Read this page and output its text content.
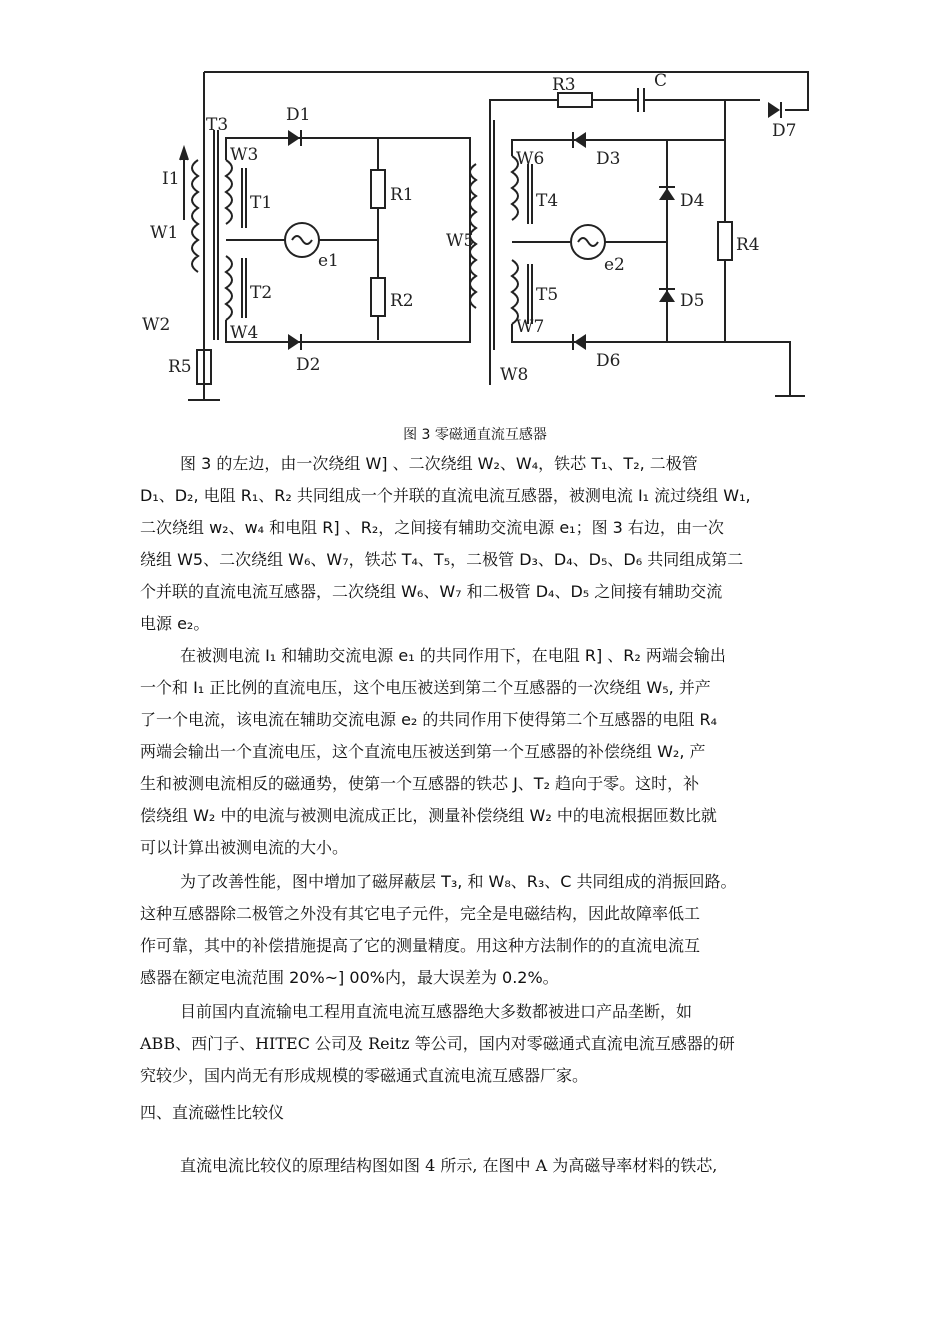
T3	D1
I1
W3
T1	R1
W1
e1
T2	R2
W2	W4
D2
R5
R3	C
D7
W6	D3
T4	D4
R4
W5
e2
T5	D5
W7
D6
W8
图 3 零磁通直流互感器
图 3 的左边，由一次绕组 W] 、二次绕组 W₂、W₄，铁芯 T₁、T₂, 二极管
D₁、D₂, 电阻 R₁、R₂ 共同组成一个并联的直流电流互感器，被测电流 I₁ 流过绕组 W₁,
二次绕组 w₂、w₄ 和电阻 R] 、R₂，之间接有辅助交流电源 e₁；图 3 右边，由一次
绕组 W5、二次绕组 W₆、W₇，铁芯 T₄、T₅，二极管 D₃、D₄、D₅、D₆ 共同组成第二
个并联的直流电流互感器，二次绕组 W₆、W₇ 和二极管 D₄、D₅ 之间接有辅助交流
电源 e₂。
在被测电流 I₁ 和辅助交流电源 e₁ 的共同作用下，在电阻 R] 、R₂ 两端会输出
一个和 I₁ 正比例的直流电压，这个电压被送到第二个互感器的一次绕组 W₅, 并产
了一个电流，该电流在辅助交流电源 e₂ 的共同作用下使得第二个互感器的电阻 R₄
两端会输出一个直流电压，这个直流电压被送到第一个互感器的补偿绕组 W₂, 产
生和被测电流相反的磁通势，使第一个互感器的铁芯 J、T₂ 趋向于零。这时，补
偿绕组 W₂ 中的电流与被测电流成正比，测量补偿绕组 W₂ 中的电流根据匝数比就
可以计算出被测电流的大小。
为了改善性能，图中增加了磁屏蔽层 T₃, 和 W₈、R₃、C 共同组成的消振回路。
这种互感器除二极管之外没有其它电子元件，完全是电磁结构，因此故障率低工
作可靠，其中的补偿措施提高了它的测量精度。用这种方法制作的的直流电流互
感器在额定电流范围 20%~] 00%内，最大误差为 0.2%。
目前国内直流输电工程用直流电流互感器绝大多数都被进口产品垄断，如
ABB、西门子、HITEC 公司及 Reitz 等公司，国内对零磁通式直流电流互感器的研
究较少，国内尚无有形成规模的零磁通式直流电流互感器厂家。
四、直流磁性比较仪
直流电流比较仪的原理结构图如图 4 所示, 在图中 A 为高磁导率材料的铁芯,
